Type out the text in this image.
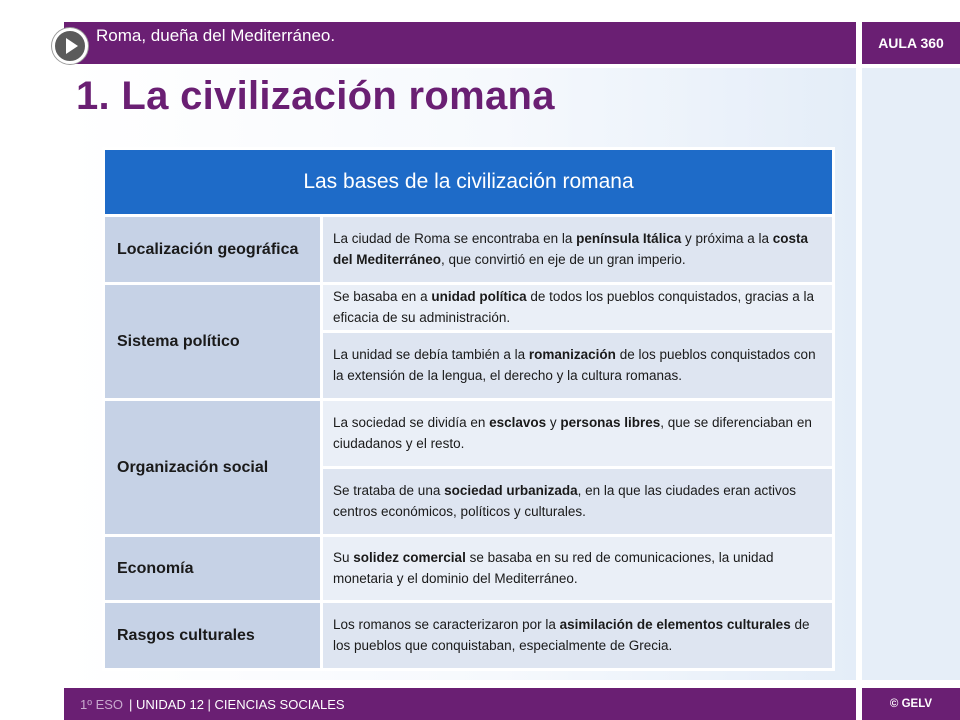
Roma, dueña del Mediterráneo.	AULA 360
1. La civilización romana
Las bases de la civilización romana	
Localización geográfica	La ciudad de Roma se encontraba en la península Itálica y próxima a la costa del Mediterráneo, que convirtió en eje de un gran imperio.
Sistema político	Se basaba en a unidad política de todos los pueblos conquistados, gracias a la eficacia de su administración.
	La unidad se debía también a la romanización de los pueblos conquistados con la extensión de la lengua, el derecho y la cultura romanas.
Organización social	La sociedad se dividía en esclavos y personas libres, que se diferenciaban en ciudadanos y el resto.
	Se trataba de una sociedad urbanizada, en la que las ciudades eran activos centros económicos, políticos y culturales.
Economía	Su solidez comercial se basaba en su red de comunicaciones, la unidad monetaria y el dominio del Mediterráneo.
Rasgos culturales	Los romanos se caracterizaron por la asimilación de elementos culturales de los pueblos que conquistaban, especialmente de Grecia.
1º ESO | UNIDAD 12 | CIENCIAS SOCIALES	© GELV
